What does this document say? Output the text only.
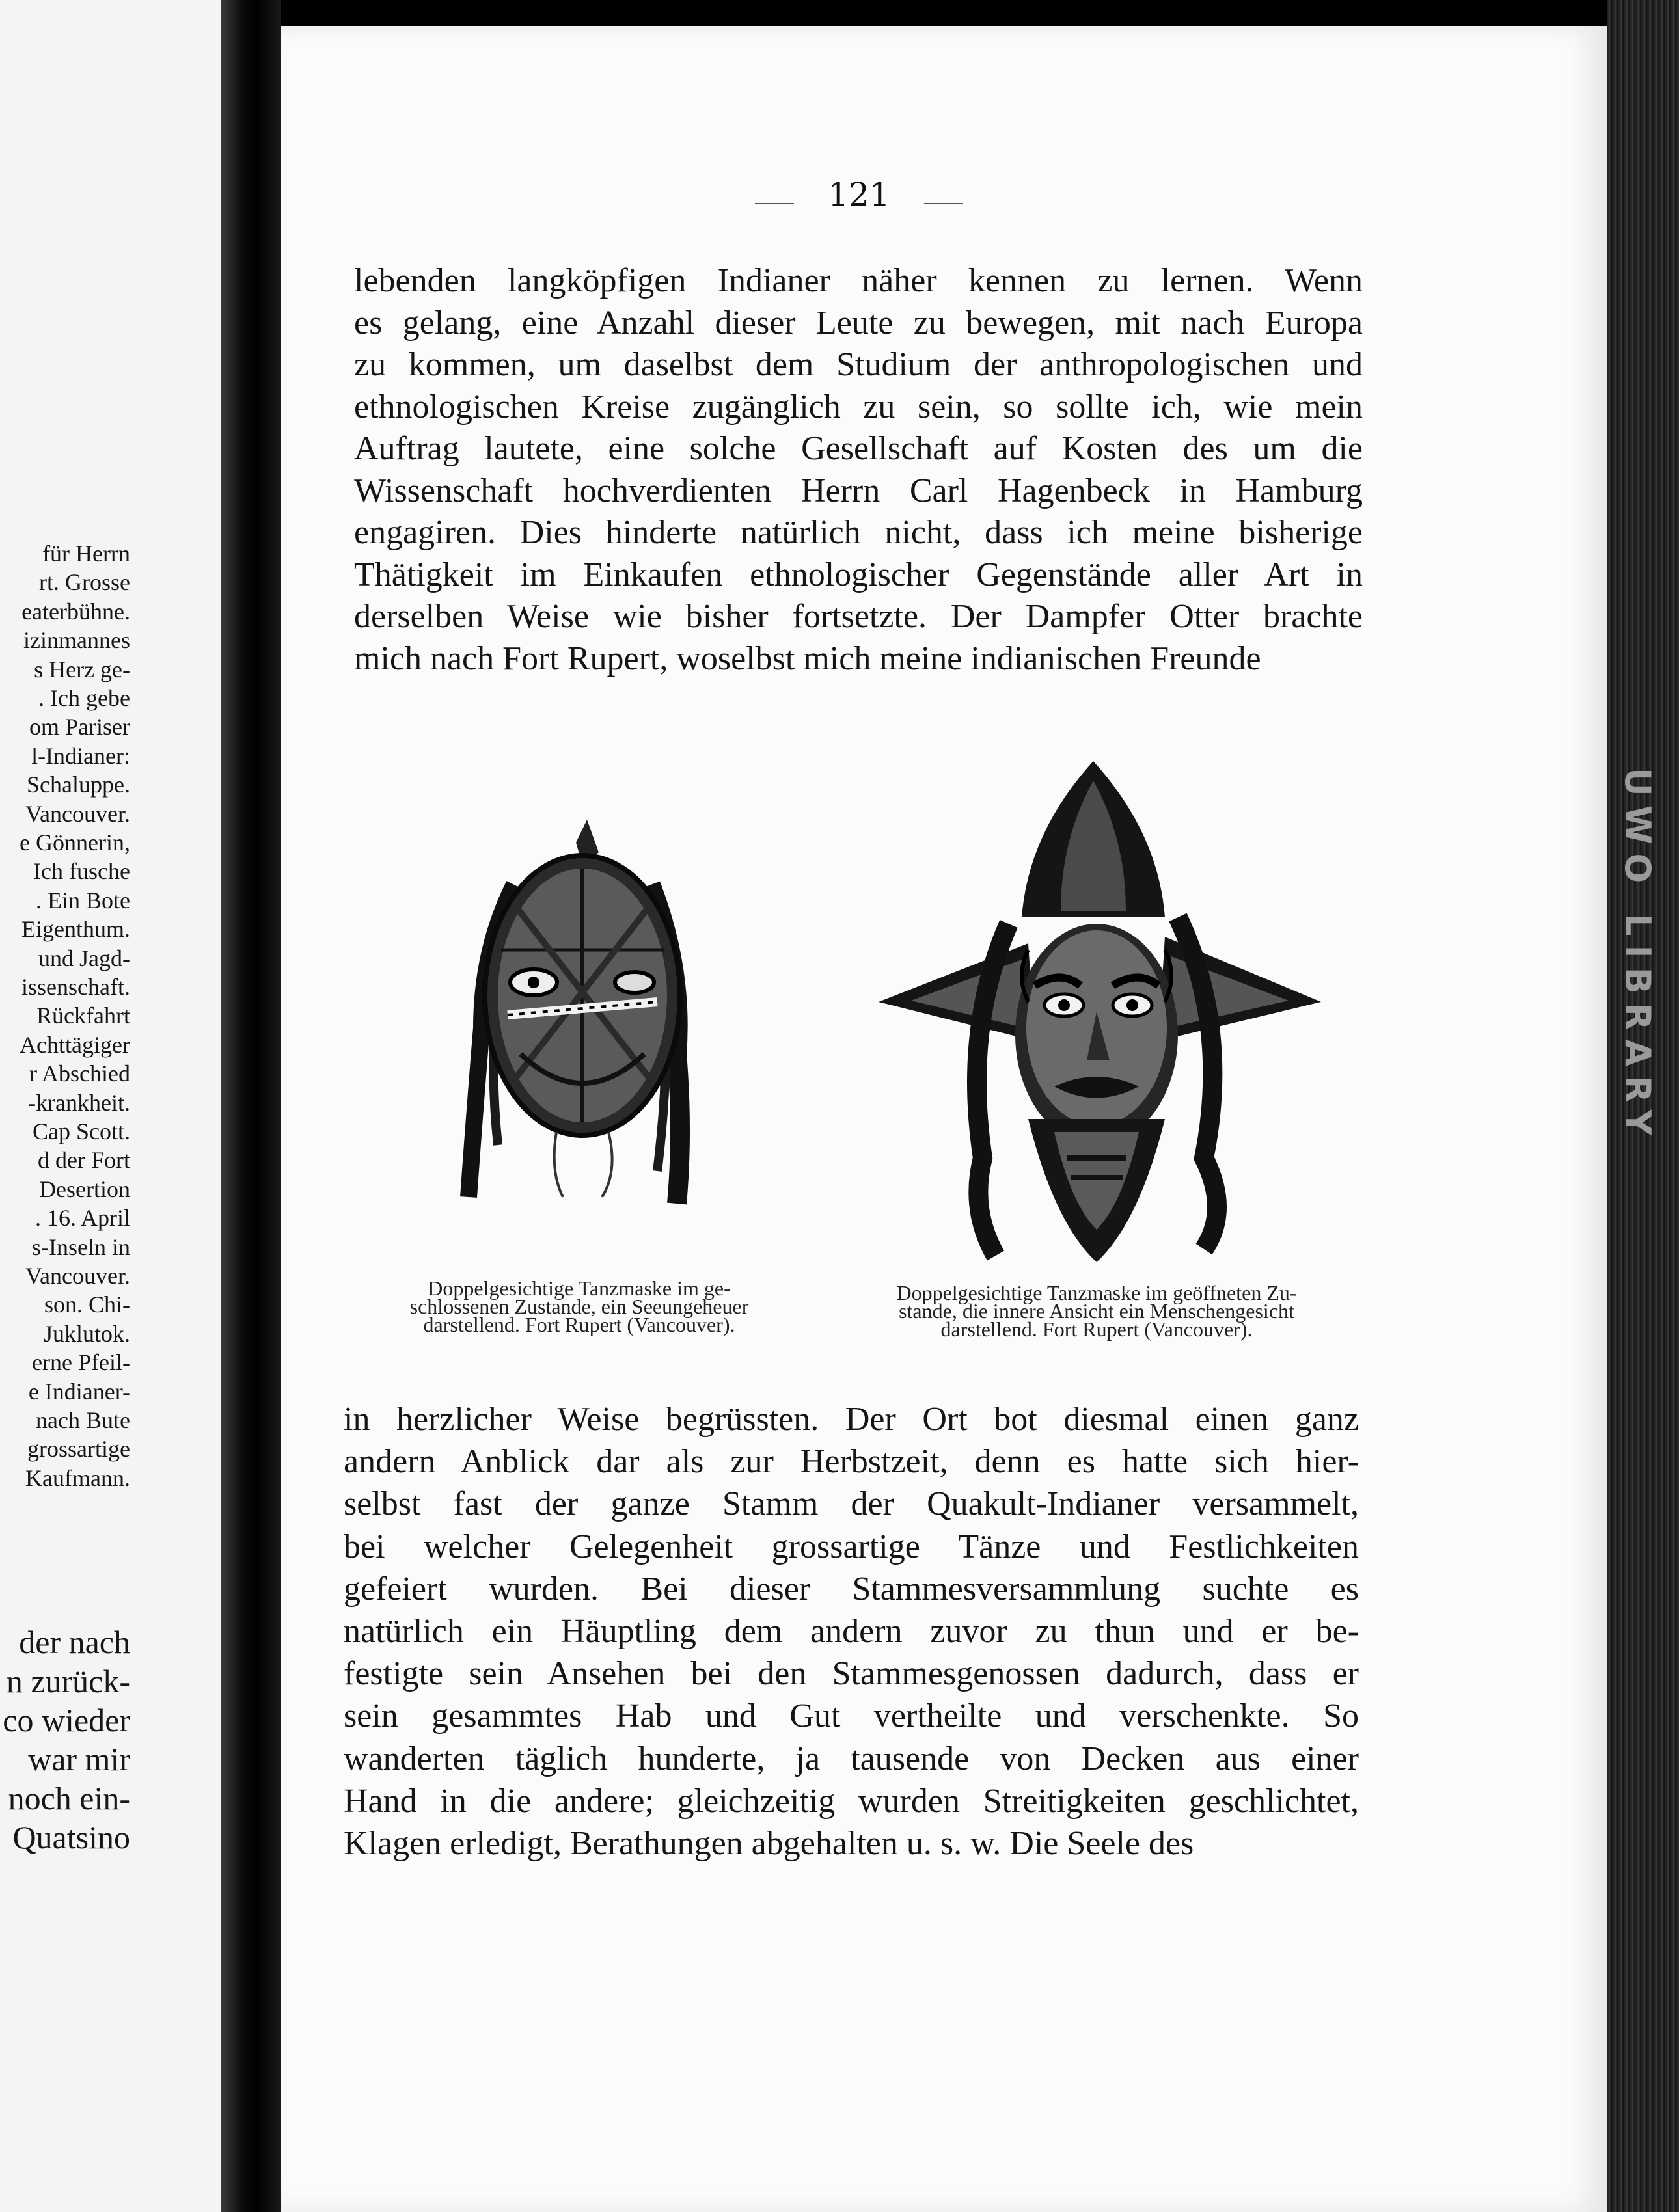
UWO LIBRARY
für Herrn
rt. Grosse
eaterbühne.
izinmannes
s Herz ge-
. Ich gebe
om Pariser
l-Indianer:
Schaluppe.
Vancouver.
e Gönnerin,
Ich fusche
. Ein Bote
Eigenthum.
und Jagd-
issenschaft.
Rückfahrt
Achttägiger
r Abschied
-krankheit.
Cap Scott.
d der Fort
Desertion
. 16. April
s-Inseln in
Vancouver.
son. Chi-
Juklutok.
erne Pfeil-
e Indianer-
nach Bute
grossartige
Kaufmann.
der nach
n zurück-
co wieder
war mir
noch ein-
Quatsino
121
lebenden langköpfigen Indianer näher kennen zu lernen. Wenn
es gelang, eine Anzahl dieser Leute zu bewegen, mit nach Europa
zu kommen, um daselbst dem Studium der anthropologischen und
ethnologischen Kreise zugänglich zu sein, so sollte ich, wie mein
Auftrag lautete, eine solche Gesellschaft auf Kosten des um die
Wissenschaft hochverdienten Herrn Carl Hagenbeck in Hamburg
engagiren. Dies hinderte natürlich nicht, dass ich meine bisherige
Thätigkeit im Einkaufen ethnologischer Gegenstände aller Art in
derselben Weise wie bisher fortsetzte. Der Dampfer Otter brachte
mich nach Fort Rupert, woselbst mich meine indianischen Freunde
Doppelgesichtige Tanzmaske im ge-
schlossenen Zustande, ein Seeungeheuer
darstellend. Fort Rupert (Vancouver).
Doppelgesichtige Tanzmaske im geöffneten Zu-
stande, die innere Ansicht ein Menschengesicht
darstellend. Fort Rupert (Vancouver).
in herzlicher Weise begrüssten. Der Ort bot diesmal einen ganz
andern Anblick dar als zur Herbstzeit, denn es hatte sich hier-
selbst fast der ganze Stamm der Quakult-Indianer versammelt,
bei welcher Gelegenheit grossartige Tänze und Festlichkeiten
gefeiert wurden. Bei dieser Stammesversammlung suchte es
natürlich ein Häuptling dem andern zuvor zu thun und er be-
festigte sein Ansehen bei den Stammesgenossen dadurch, dass er
sein gesammtes Hab und Gut vertheilte und verschenkte. So
wanderten täglich hunderte, ja tausende von Decken aus einer
Hand in die andere; gleichzeitig wurden Streitigkeiten geschlichtet,
Klagen erledigt, Berathungen abgehalten u. s. w. Die Seele des
